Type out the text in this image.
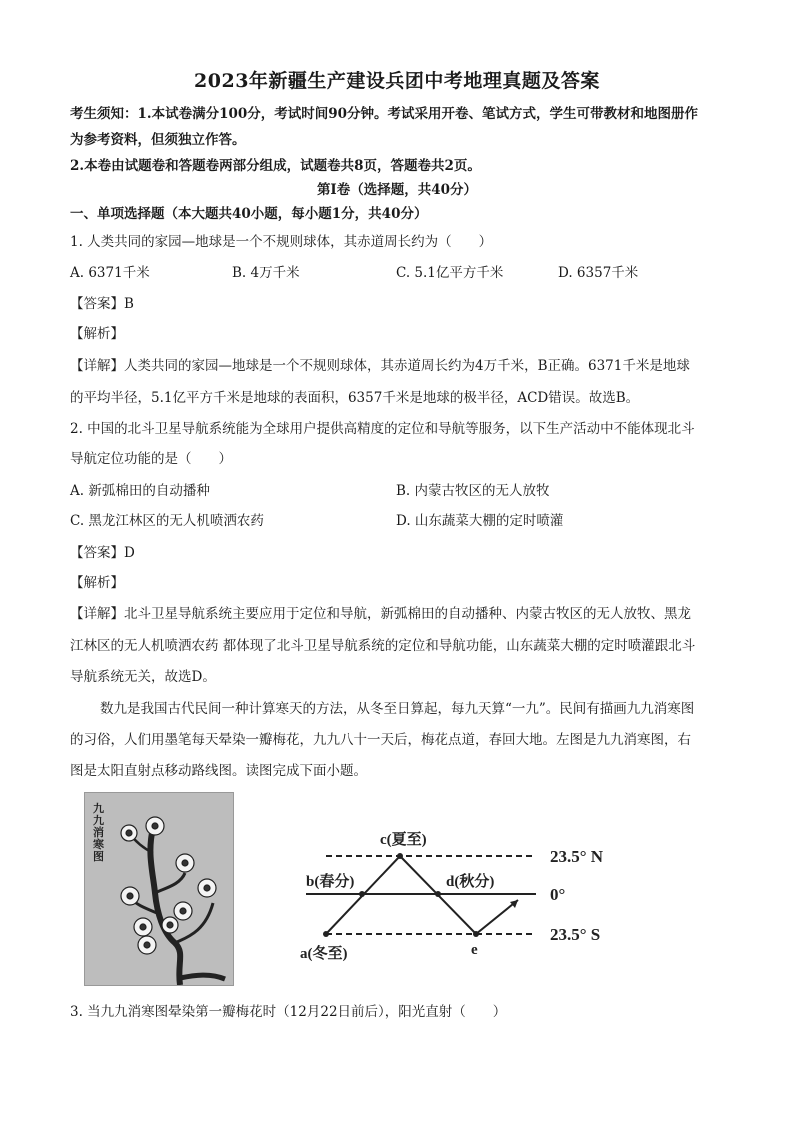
2023年新疆生产建设兵团中考地理真题及答案
考生须知：1.本试卷满分100分，考试时间90分钟。考试采用开卷、笔试方式，学生可带教材和地图册作
为参考资料，但须独立作答。
2.本卷由试题卷和答题卷两部分组成，试题卷共8页，答题卷共2页。
第Ⅰ卷（选择题，共40分）
一、单项选择题（本大题共40小题，每小题1分，共40分）
1. 人类共同的家园—地球是一个不规则球体，其赤道周长约为（　　）
A. 6371千米	B. 4万千米	C. 5.1亿平方千米	D. 6357千米
【答案】B
【解析】
【详解】人类共同的家园—地球是一个不规则球体，其赤道周长约为4万千米，B正确。6371千米是地球
的平均半径，5.1亿平方千米是地球的表面积，6357千米是地球的极半径，ACD错误。故选B。
2. 中国的北斗卫星导航系统能为全球用户提供高精度的定位和导航等服务，以下生产活动中不能体现北斗
导航定位功能的是（　　）
A. 新弧棉田的自动播种	B. 内蒙古牧区的无人放牧
C. 黑龙江林区的无人机喷洒农药	D. 山东蔬菜大棚的定时喷灌
【答案】D
【解析】
【详解】北斗卫星导航系统主要应用于定位和导航，新弧棉田的自动播种、内蒙古牧区的无人放牧、黑龙
江林区的无人机喷洒农药 都体现了北斗卫星导航系统的定位和导航功能，山东蔬菜大棚的定时喷灌跟北斗
导航系统无关，故选D。
数九是我国古代民间一种计算寒天的方法，从冬至日算起，每九天算“一九”。民间有描画九九消寒图
的习俗，人们用墨笔每天晕染一瓣梅花，九九八十一天后，梅花点道，春回大地。左图是九九消寒图，右
图是太阳直射点移动路线图。读图完成下面小题。
九九消寒图
c(夏至)
b(春分)	d(秋分)
a(冬至)	e
23.5° N
0°
23.5° S
3. 当九九消寒图晕染第一瓣梅花时（12月22日前后），阳光直射（　　）
